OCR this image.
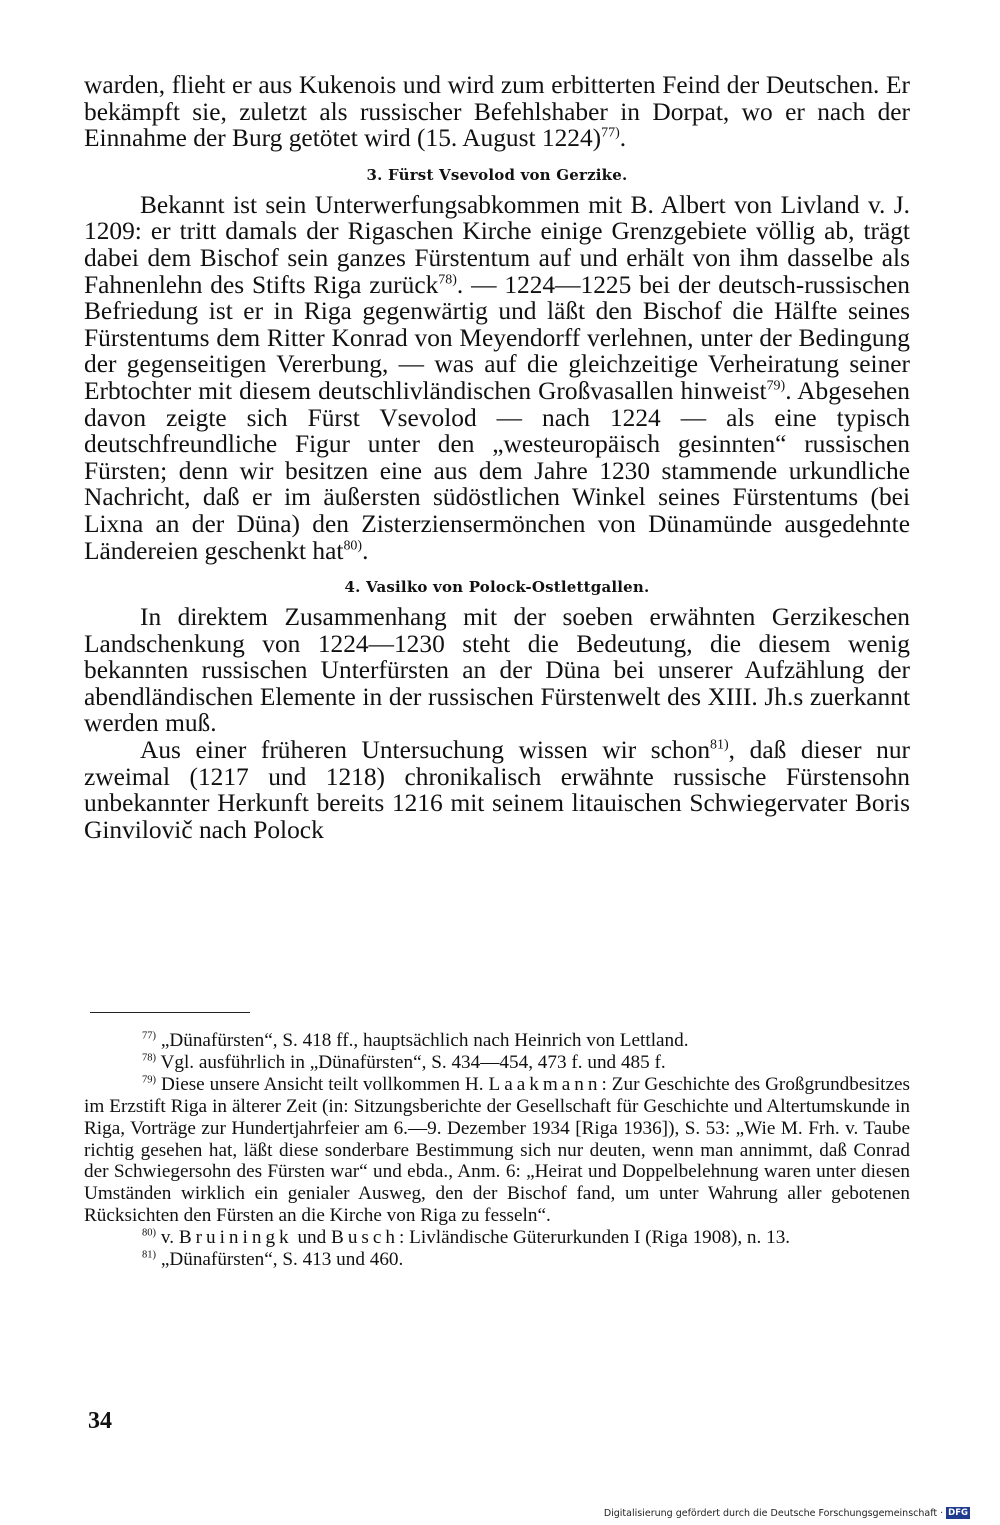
warden, flieht er aus Kukenois und wird zum erbitterten Feind der Deutschen. Er bekämpft sie, zuletzt als russischer Befehlshaber in Dorpat, wo er nach der Einnahme der Burg getötet wird (15. August 1224)$^{77)}$.

3. Fürst Vsevolod von Gerzike.

Bekannt ist sein Unterwerfungsabkommen mit B. Albert von Livland v. J. 1209: er tritt damals der Rigaschen Kirche einige Grenzgebiete völlig ab, trägt dabei dem Bischof sein ganzes Fürstentum auf und erhält von ihm dasselbe als Fahnenlehn des Stifts Riga zurück$^{78)}$. — 1224—1225 bei der deutsch-russischen Befriedung ist er in Riga gegenwärtig und läßt den Bischof die Hälfte seines Fürstentums dem Ritter Konrad von Meyendorff verlehnen, unter der Bedingung der gegenseitigen Vererbung, — was auf die gleichzeitige Verheiratung seiner Erbtochter mit diesem deutschlivländischen Großvasallen hinweist$^{79)}$. Abgesehen davon zeigte sich Fürst Vsevolod — nach 1224 — als eine typisch deutschfreundliche Figur unter den „westeuropäisch gesinnten“ russischen Fürsten; denn wir besitzen eine aus dem Jahre 1230 stammende urkundliche Nachricht, daß er im äußersten südöstlichen Winkel seines Fürstentums (bei Lixna an der Düna) den Zisterziensermönchen von Dünamünde ausgedehnte Ländereien geschenkt hat$^{80)}$.

4. Vasilko von Polock-Ostlettgallen.

In direktem Zusammenhang mit der soeben erwähnten Gerzikeschen Landschenkung von 1224—1230 steht die Bedeutung, die diesem wenig bekannten russischen Unterfürsten an der Düna bei unserer Aufzählung der abendländischen Elemente in der russischen Fürstenwelt des XIII. Jh.s zuerkannt werden muß.

Aus einer früheren Untersuchung wissen wir schon$^{81)}$, daß dieser nur zweimal (1217 und 1218) chronikalisch erwähnte russische Fürstensohn unbekannter Herkunft bereits 1216 mit seinem litauischen Schwiegervater Boris Ginvilovič nach Polock

$^{77)}$ „Dünafürsten“, S. 418 ff., hauptsächlich nach Heinrich von Lettland.

$^{78)}$ Vgl. ausführlich in „Dünafürsten“, S. 434—454, 473 f. und 485 f.

$^{79)}$ Diese unsere Ansicht teilt vollkommen H. Laakmann: Zur Geschichte des Großgrundbesitzes im Erzstift Riga in älterer Zeit (in: Sitzungsberichte der Gesellschaft für Geschichte und Altertumskunde in Riga, Vorträge zur Hundertjahrfeier am 6.—9. Dezember 1934 [Riga 1936]), S. 53: „Wie M. Frh. v. Taube richtig gesehen hat, läßt diese sonderbare Bestimmung sich nur deuten, wenn man annimmt, daß Conrad der Schwiegersohn des Fürsten war“ und ebda., Anm. 6: „Heirat und Doppelbelehnung waren unter diesen Umständen wirklich ein genialer Ausweg, den der Bischof fand, um unter Wahrung aller gebotenen Rücksichten den Fürsten an die Kirche von Riga zu fesseln“.

$^{80)}$ v. Bruiningk und Busch: Livländische Güterurkunden I (Riga 1908), n. 13.

$^{81)}$ „Dünafürsten“, S. 413 und 460.

34
Digitalisierung gefördert durch die Deutsche Forschungsgemeinschaft · DFG
